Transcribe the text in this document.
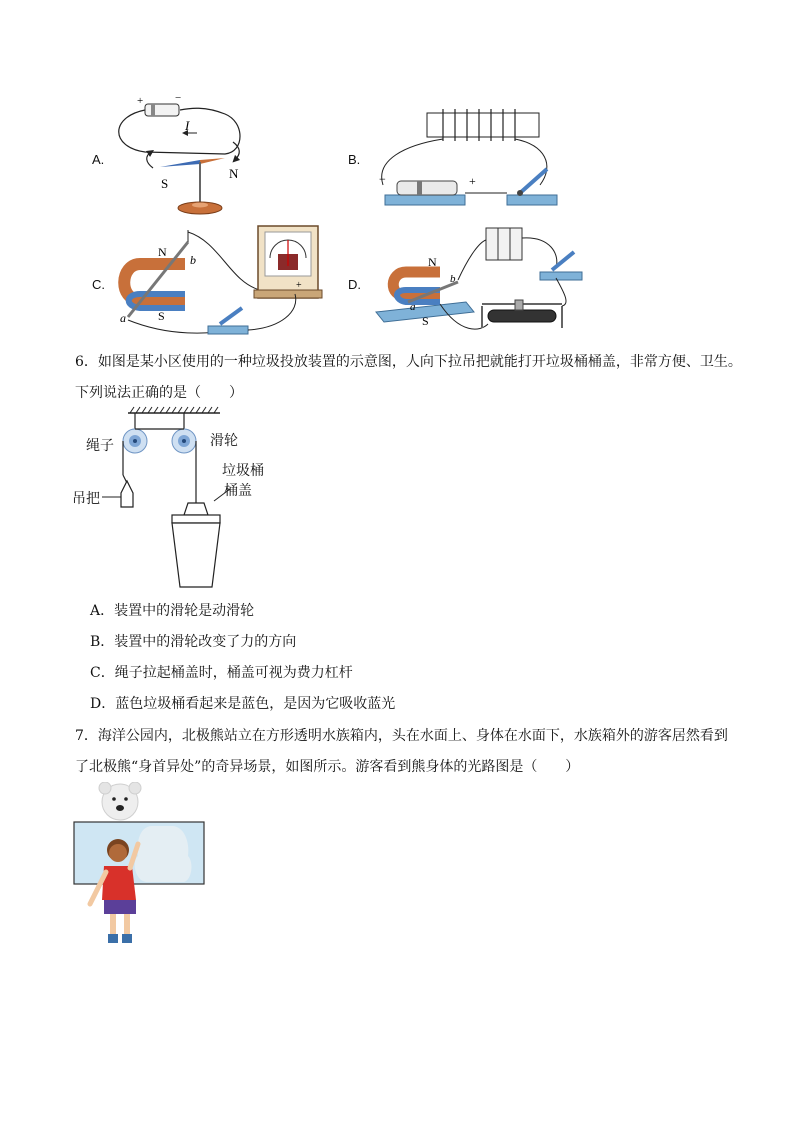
A.
+	−
I
S
N
B.
−	+
C.
N
S
a
b
+	D.
N
S
b
a
6．如图是某小区使用的一种垃圾投放装置的示意图，人向下拉吊把就能打开垃圾桶桶盖，非常方便、卫生。
下列说法正确的是（　　）
绳子	滑轮
吊把
垃圾桶
桶盖
A．装置中的滑轮是动滑轮
B．装置中的滑轮改变了力的方向
C．绳子拉起桶盖时，桶盖可视为费力杠杆
D．蓝色垃圾桶看起来是蓝色，是因为它吸收蓝光
7．海洋公园内，北极熊站立在方形透明水族箱内，头在水面上、身体在水面下，水族箱外的游客居然看到
了北极熊“身首异处”的奇异场景，如图所示。游客看到熊身体的光路图是（　　）
